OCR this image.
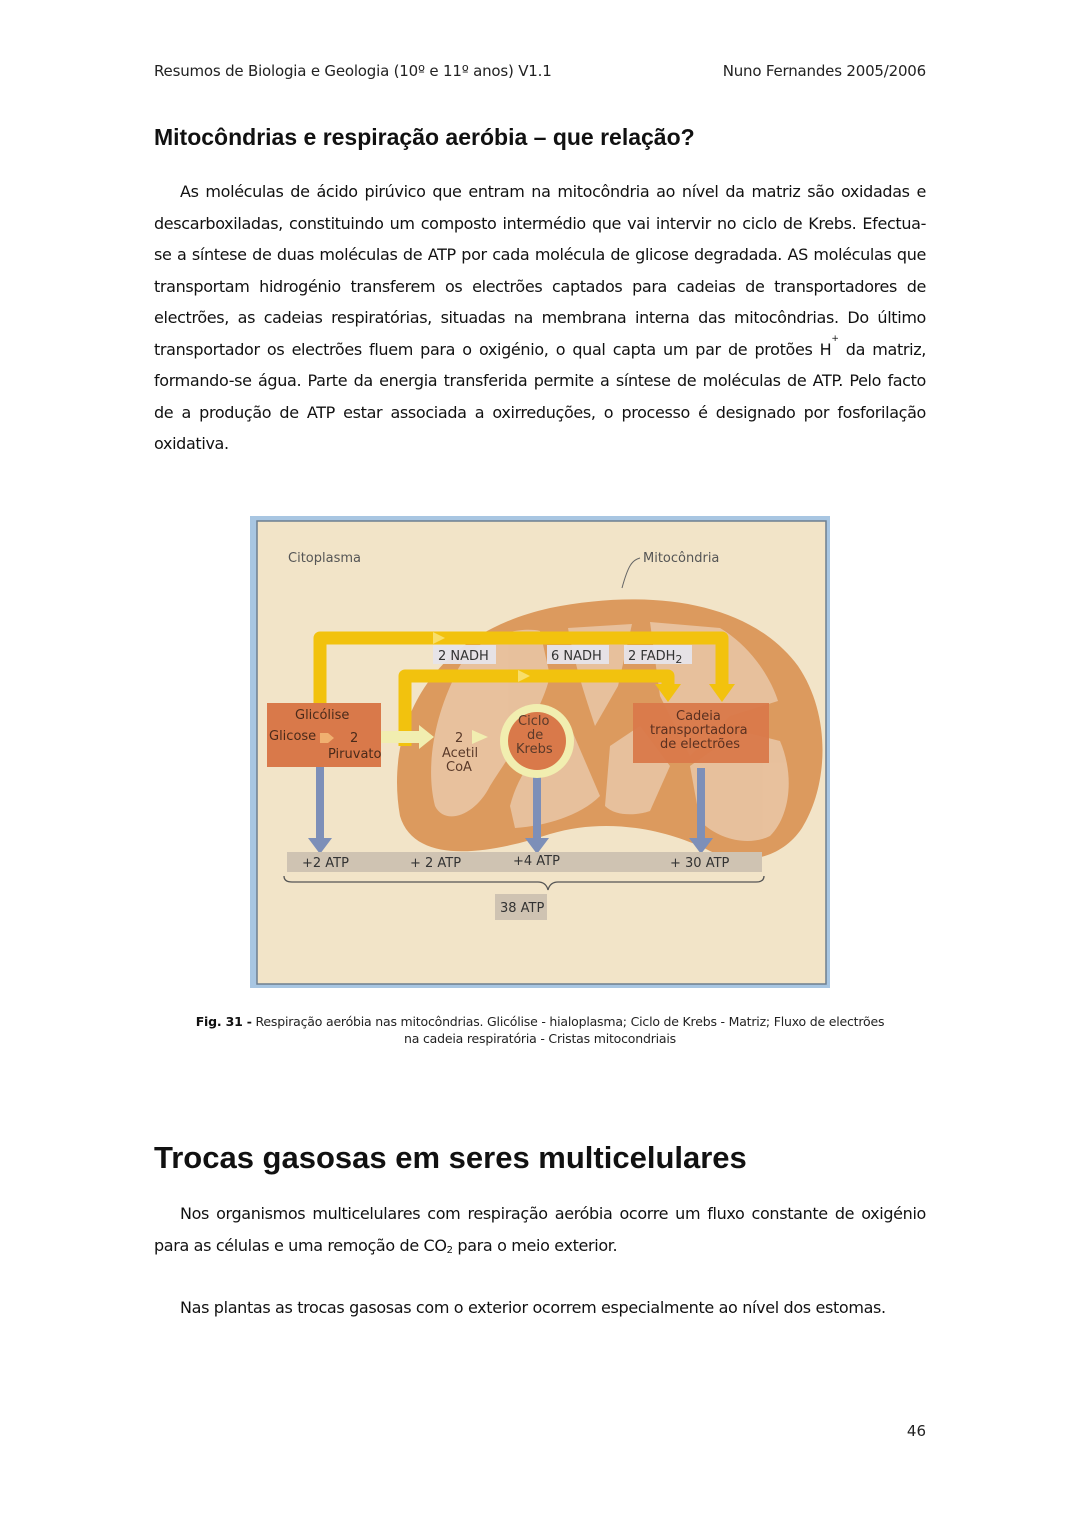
Resumos de Biologia e Geologia (10º e 11º anos) V1.1	Nuno Fernandes 2005/2006
Mitocôndrias e respiração aeróbia – que relação?
As moléculas de ácido pirúvico que entram na mitocôndria ao nível da matriz são oxidadas e descarboxiladas, constituindo um composto intermédio que vai intervir no ciclo de Krebs. Efectua-se a síntese de duas moléculas de ATP por cada molécula de glicose degradada. AS moléculas que transportam hidrogénio transferem os electrões captados para cadeias de transportadores de electrões, as cadeias respiratórias, situadas na membrana interna das mitocôndrias. Do último transportador os electrões fluem para o oxigénio, o qual capta um par de protões H+ da matriz, formando-se água. Parte da energia transferida permite a síntese de moléculas de ATP. Pelo facto de a produção de ATP estar associada a oxirreduções, o processo é designado por fosforilação oxidativa.
2 NADH	6 NADH 2 $FADH_2$
Citoplasma	Mitocôndria
Glicólise
Glicose	2
Piruvato
2
Acetil
CoA
Ciclo
de
Krebs
Cadeia
transportadora
de electrões
+2 ATP	+ 2 ATP	+4 ATP	+ 30 ATP
38 ATP
Fig. 31 - Respiração aeróbia nas mitocôndrias. Glicólise - hialoplasma; Ciclo de Krebs - Matriz; Fluxo de electrões na cadeia respiratória - Cristas mitocondriais
Trocas gasosas em seres multicelulares
Nos organismos multicelulares com respiração aeróbia ocorre um fluxo constante de oxigénio para as células e uma remoção de $CO_2$ para o meio exterior.
Nas plantas as trocas gasosas com o exterior ocorrem especialmente ao nível dos estomas.
46
